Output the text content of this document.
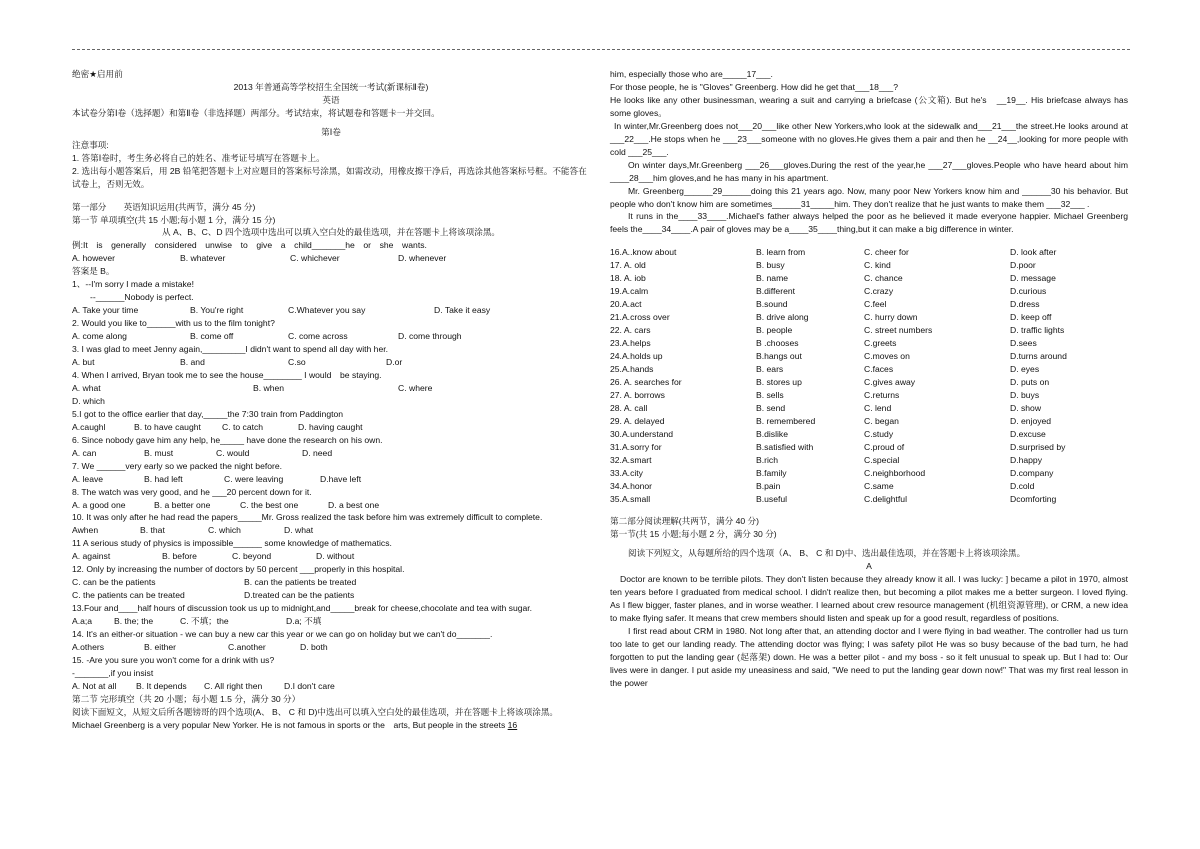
绝密★启用前
2013 年普通高等学校招生全国统一考试(新课标Ⅱ卷)
英语
本试卷分第Ⅰ卷（选择题）和第Ⅱ卷（非选择题）两部分。考试结束，将试题卷和答题卡一并交回。
第Ⅰ卷
注意事项:
1. 答第Ⅰ卷时，考生务必将自己的姓名、准考证号填写在答题卡上。
2. 选出每小题答案后，用 2B 铅笔把答题卡上对应题目的答案标号涂黑，如需改动，用橡皮擦干净后，再选涂其他答案标号框。不能答在试卷上，否则无效。
第一部分　　英语知识运用(共两节，满分 45 分)
第一节 单项填空(共 15 小题;每小题 1 分，满分 15 分)
从 A、B、C、D 四个选项中选出可以填入空白处的最佳选项，并在答题卡上将该项涂黑。
例:It　is　generally　considered　unwise　to　give　a　child_______he　or　she　wants.
A. however	B. whatever	C. whichever	D. whenever
答案是 B。
1、--I'm sorry I made a mistake!
--______Nobody is perfect.
A. Take your time	B. You're right	C.Whatever you say	D. Take it easy
2. Would you like to______with us to the film tonight?
A. come along	B. come off	C. come across	D. come through
3. I was glad to meet Jenny again,_________I didn't want to spend all day with her.
A. but	B. and	C.so	D.or
4. When I arrived, Bryan took me to see the house________ I would　be staying.
A. what	B. when	C. where
D. which
5.I got to the office earlier that day,_____the 7:30 train from Paddington
A.caughl	B. to have caught	C. to catch	D. having caught
6. Since nobody gave him any help, he_____ have done the research on his own.
A. can	B. must	C. would	D. need
7. We ______very early so we packed the night before.
A. leave	B. had left	C. were leaving	D.have left
8. The watch was very good, and he ___20 percent down for it.
A. a good one	B. a better one	C. the best one	D. a best one
10. It was only after he had read the papers_____Mr. Gross realized the task before him was extremely difficult to complete.
Awhen	B. that	C. which	D. what
11 A serious study of physics is impossible______ some knowledge of mathematics.
A. against	B. before	C. beyond	D. without
12. Only by increasing the number of doctors by 50 percent ___properly in this hospital.
C. can be the patients	B. can the patients be treated
C. the patients can be treated	D.treated can be the patients
13.Four and____half hours of discussion took us up to midnight,and_____break for cheese,chocolate and tea with sugar.
A.a;a	B. the; the	C. 不填；the	D.a; 不填
14. It's an either-or situation - we can buy a new car this year or we can go on holiday but we can't do_______.
A.others	B. either	C.another	D. both
15. -Are you sure you won't come for a drink with us?
-_______,if you insist
A. Not at all	B. It depends	C. All right then	D.I don't care
第二节 完形填空（共 20 小题；每小题 1.5 分，满分 30 分）
阅读下面短文，从短文后所各题镑哥的四个选项(A、 B、 C 和 D)中选出可以填入空白处的最佳选项，并在答题卡上将该项涂黑。
Michael Greenberg is a very popular New Yorker. He is not famous in sports or the　arts, But people in the streets 16
him, especially those who are_____17___.
For those people, he is "Gloves" Greenberg. How did he get that___18___?
He looks like any other businessman, wearing a suit and carrying a briefcase (公文箱). But he's　__19__. His briefcase always has some gloves。
In winter,Mr.Greenberg does not___20___like other New Yorkers,who look at the sidewalk and___21___the street.He looks around at ___22___.He stops when he ___23___someone with no gloves.He gives them a pair and then he __24__,looking for more people with cold ___25___.
On winter days,Mr.Greenberg ___26___gloves.During the rest of the year,he ___27___gloves.People who have heard about him ____28___him gloves,and he has many in his apartment.
Mr. Greenberg______29______doing this 21 years ago. Now, many poor New Yorkers know him and ______30 his behavior. But people who don't know him are sometimes______31_____him. They don't realize that he just wants to make them ___32___ .
It runs in the____33____.Michael's father always helped the poor as he believed it made everyone happier. Michael Greenberg feels the____34____.A pair of gloves may be a____35____thing,but it can make a big difference in winter.
16.A..know about	B. learn from	C. cheer for	D. look after
17. A. old	B. busy	C. kind	D.poor
18. A. iob	B. name	C. chance	D. message
19.A.calm	B.different	C.crazy	D.curious
20.A.act	B.sound	C.feel	D.dress
21.A.cross over	B. drive along	C. hurry down	D. keep off
22. A. cars	B. people	C. street numbers	D. traffic lights
23.A.helps	B .chooses	C.greets	D.sees
24.A.holds up	B.hangs out	C.moves on	D.turns around
25.A.hands	B. ears	C.faces	D. eyes
26. A. searches for	B. stores up	C.gives away	D. puts on
27. A. borrows	B. sells	C.returns	D. buys
28. A. call	B. send	C. lend	D. show
29. A. delayed	B. remembered	C. began	D. enjoyed
30.A.understand	B.dislike	C.study	D.excuse
31.A.sorry for	B.satisfied with	C.proud of	D.surprised by
32.A.smart	B.rich	C.special	D.happy
33.A.city	B.family	C.neighborhood	D.company
34.A.honor	B.pain	C.same	D.cold
35.A.small	B.useful	C.delightful	Dcomforting
第二部分阅读理解(共两节，满分 40 分)
第一节(共 15 小题;每小题 2 分，满分 30 分)
阅读下列短文，从每题所给的四个选项（A、 B、 C 和 D)中、选出最佳选项，并在答题卡上将该项涂黑。
A
Doctor are known to be terrible pilots. They don't listen because they already know it all. I was lucky: ] became a pilot in 1970, almost ten years before I graduated from medical school. I didn't realize then, but becoming a pilot makes me a better surgeon. I loved flying. As I flew bigger, faster planes, and in worse weather. I learned about crew resource management (机组资源管理), or CRM, a new idea to make flying safer. It means that crew members should listen and speak up for a good result, regardless of positions.
I first read about CRM in 1980. Not long after that, an attending doctor and I were flying in bad weather. The controller had us turn too late to get our landing ready. The attending doctor was flying; I was safety pilot He was so busy because of the bad turn, he had forgotten to put the landing gear (起落架) down. He was a better pilot - and my boss - so it felt unusual to speak up. But I had to: Our lives were in danger. I put aside my uneasiness and said, "We need to put the landing gear down now!" That was my first real lesson in the power
